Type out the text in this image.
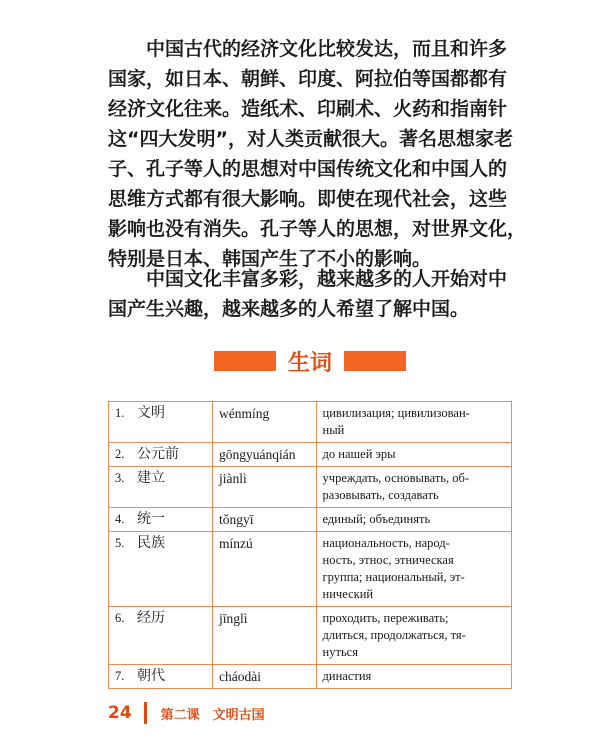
中国古代的经济文化比较发达，而且和许多
国家，如日本、朝鲜、印度、阿拉伯等国都都有
经济文化往来。造纸术、印刷术、火药和指南针
这“四大发明”，对人类贡献很大。著名思想家老
子、孔子等人的思想对中国传统文化和中国人的
思维方式都有很大影响。即使在现代社会，这些
影响也没有消失。孔子等人的思想，对世界文化，
特别是日本、韩国产生了不小的影响。
中国文化丰富多彩，越来越多的人开始对中
国产生兴趣，越来越多的人希望了解中国。
生词
1. 文明	wénmíng	цивилизация; цивилизован-
ный

2. 公元前	gōngyuánqián	до нашей эры

3. 建立	jiànlì	учреждать, основывать, об-
разовывать, создавать

4. 统一	tǒngyī	единый; объединять

5. 民族	mínzú	национальность, народ-
ность, этнос, этническая
группа; национальный, эт-
нический

6. 经历	jīnglì	проходить, переживать;
длиться, продолжаться, тя-
нуться

7. 朝代	cháodài	династия
24 第二课　文明古国
